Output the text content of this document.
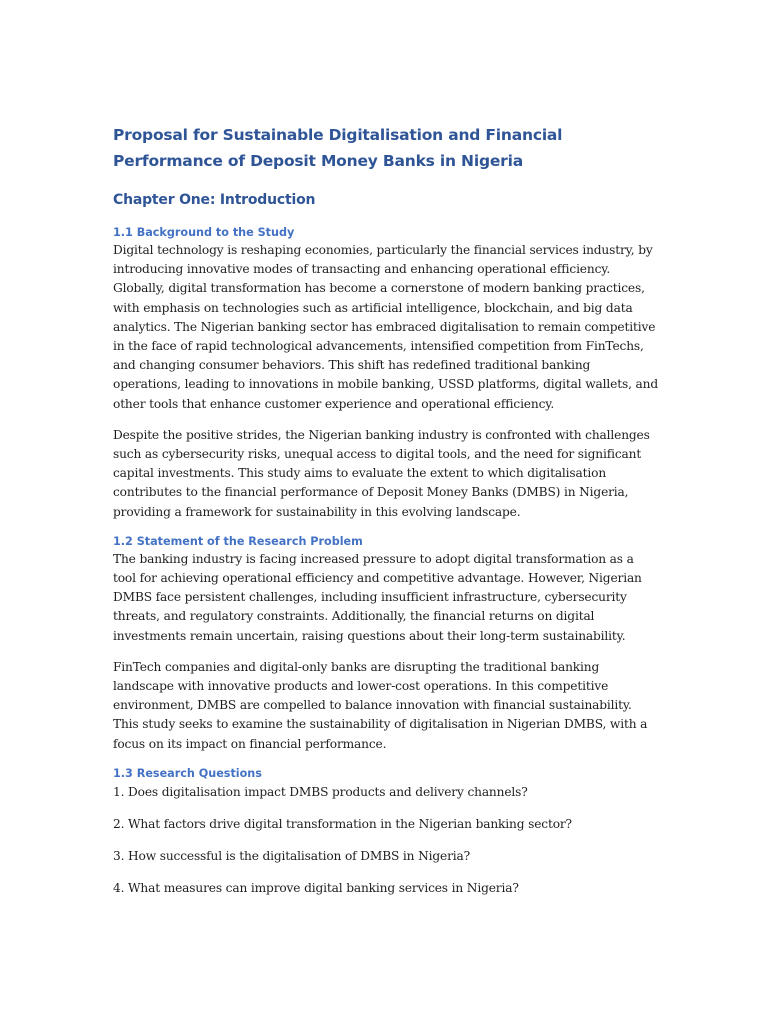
Proposal for Sustainable Digitalisation and Financial Performance of Deposit Money Banks in Nigeria
Chapter One: Introduction
1.1 Background to the Study

Digital technology is reshaping economies, particularly the financial services industry, by introducing innovative modes of transacting and enhancing operational efficiency. Globally, digital transformation has become a cornerstone of modern banking practices, with emphasis on technologies such as artificial intelligence, blockchain, and big data analytics. The Nigerian banking sector has embraced digitalisation to remain competitive in the face of rapid technological advancements, intensified competition from FinTechs, and changing consumer behaviors. This shift has redefined traditional banking operations, leading to innovations in mobile banking, USSD platforms, digital wallets, and other tools that enhance customer experience and operational efficiency.

Despite the positive strides, the Nigerian banking industry is confronted with challenges such as cybersecurity risks, unequal access to digital tools, and the need for significant capital investments. This study aims to evaluate the extent to which digitalisation contributes to the financial performance of Deposit Money Banks (DMBS) in Nigeria, providing a framework for sustainability in this evolving landscape.

1.2 Statement of the Research Problem

The banking industry is facing increased pressure to adopt digital transformation as a tool for achieving operational efficiency and competitive advantage. However, Nigerian DMBS face persistent challenges, including insufficient infrastructure, cybersecurity threats, and regulatory constraints. Additionally, the financial returns on digital investments remain uncertain, raising questions about their long-term sustainability.

FinTech companies and digital-only banks are disrupting the traditional banking landscape with innovative products and lower-cost operations. In this competitive environment, DMBS are compelled to balance innovation with financial sustainability. This study seeks to examine the sustainability of digitalisation in Nigerian DMBS, with a focus on its impact on financial performance.

1.3 Research Questions
1. Does digitalisation impact DMBS products and delivery channels?
2. What factors drive digital transformation in the Nigerian banking sector?
3. How successful is the digitalisation of DMBS in Nigeria?
4. What measures can improve digital banking services in Nigeria?
